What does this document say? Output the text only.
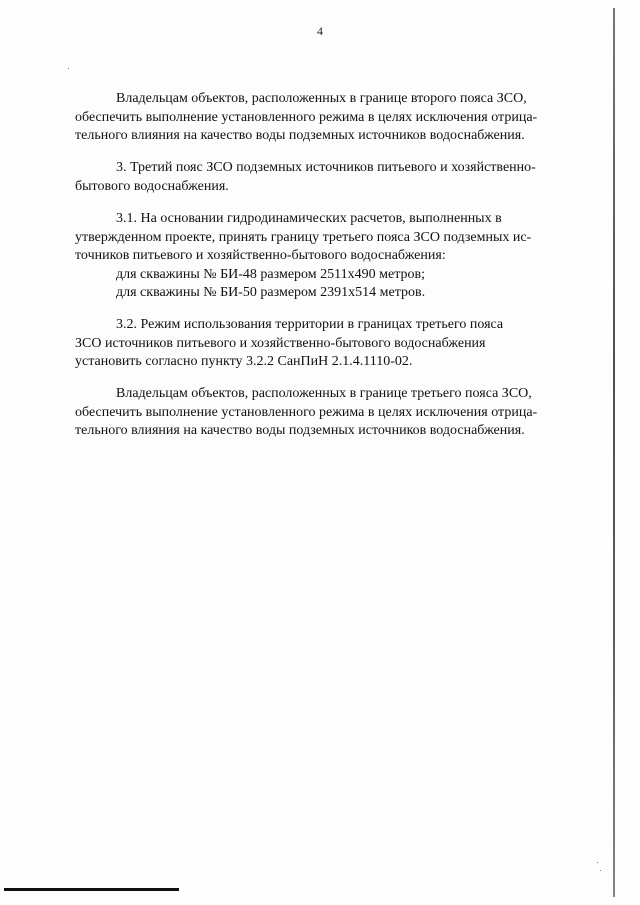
4

Владельцам объектов, расположенных в границе второго пояса ЗСО,

обеспечить выполнение установленного режима в целях исключения отрица-

тельного влияния на качество воды подземных источников водоснабжения.

3. Третий пояс ЗСО подземных источников питьевого и хозяйственно-

бытового водоснабжения.

3.1. На основании гидродинамических расчетов, выполненных в

утвержденном проекте, принять границу третьего пояса ЗСО подземных ис-

точников питьевого и хозяйственно-бытового водоснабжения:

для скважины № БИ-48 размером 2511х490 метров;

для скважины № БИ-50 размером 2391х514 метров.

3.2. Режим использования территории в границах третьего пояса

ЗСО источников питьевого и хозяйственно-бытового водоснабжения

установить согласно пункту 3.2.2 СанПиН 2.1.4.1110-02.

Владельцам объектов, расположенных в границе третьего пояса ЗСО,

обеспечить выполнение установленного режима в целях исключения отрица-

тельного влияния на качество воды подземных источников водоснабжения.
